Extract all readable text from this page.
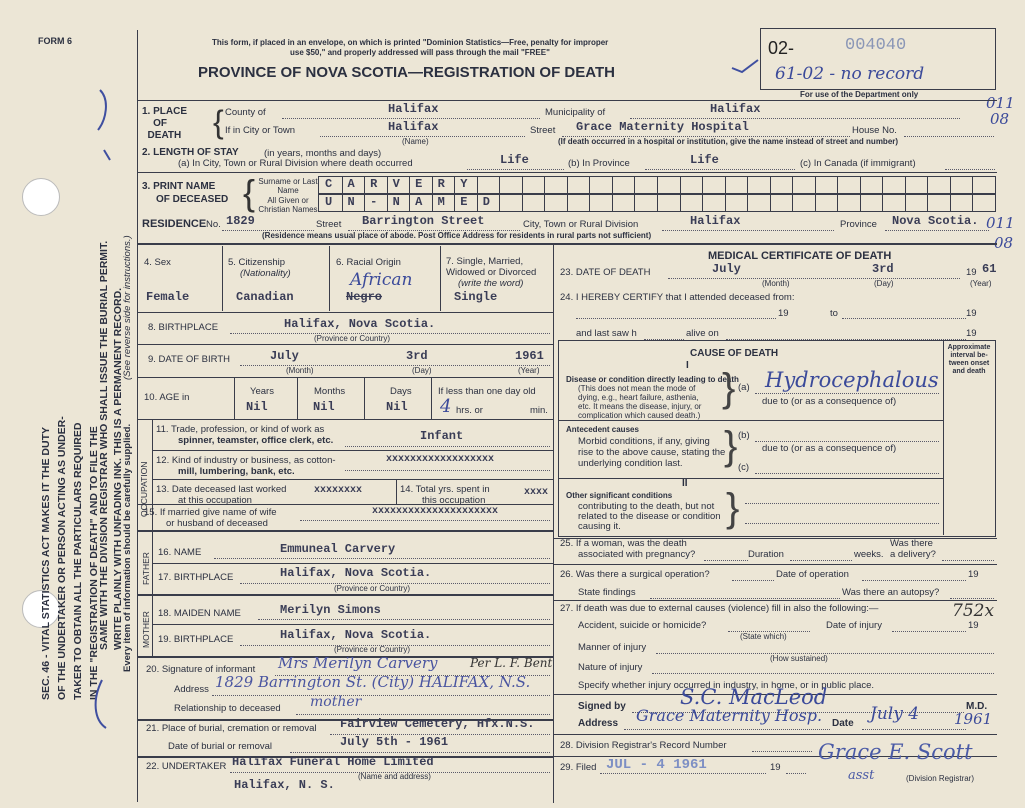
SEC. 46 - VITAL STATISTICS ACT MAKES IT THE DUTY OF THE UNDERTAKER OR PERSON ACTING AS UNDER- TAKER TO OBTAIN ALL THE PARTICULARS REQUIRED IN THE "REGISTRATION OF DEATH" AND TO FILE THE
SAME WITH THE DIVISION REGISTRAR WHO SHALL ISSUE THE BURIAL PERMIT. WRITE PLAINLY WITH UNFADING INK. THIS IS A PERMANENT RECORD.
Every item of information should be carefully supplied.
(See reverse side for instructions.)
FORM 6	This form, if placed in an envelope, on which is printed "Dominion Statistics—Free, penalty for improper
use $50," and properly addressed will pass through the mail "FREE"
PROVINCE OF NOVA SCOTIA—REGISTRATION OF DEATH
02-	004040
61-02 - no record
For use of the Department only	011
08
1. PLACE
OF
DEATH { County of	Halifax	Municipality of	Halifax
If in City or Town	Halifax
(Name)
Street Grace Maternity Hospital	House No.
(If death occurred in a hospital or institution, give the name instead of street and number)
2. LENGTH OF STAY	(in years, months and days)
(a) In City, Town or Rural Division where death occurred	Life	(b) In Province	Life	(c) In Canada (if immigrant)
3. PRINT NAME
OF DECEASED { Surname or Last Name
All Given or Christian Names
C A R V E R Y
U N - N A M E D
RESIDENCE No. 1829	Street Barrington Street	City, Town or Rural Division	Halifax	Province Nova Scotia.
(Residence means usual place of abode. Post Office Address for residents in rural parts not sufficient)
011
08
4. Sex
Female
5. Citizenship
(Nationality)
Canadian
6. Racial Origin
African
Negro
7. Single, Married,
Widowed or Divorced
(write the word)
Single
8. BIRTHPLACE	Halifax, Nova Scotia.
(Province or Country)
9. DATE OF BIRTH	July	3rd	1961
(Month)	(Day)	(Year)
10. AGE in
Years	Months	Days
Nil	Nil	Nil
If less than one day old
4 hrs. or	min.
OCCUPATION
11. Trade, profession, or kind of work as
spinner, teamster, office clerk, etc.	Infant
12. Kind of industry or business, as cotton-
mill, lumbering, bank, etc.
xxxxxxxxxxxxxxxxxx
13. Date deceased last worked
at this occupation
xxxxxxxx	14. Total yrs. spent in
this occupation
xxxx
15. If married give name of wife
or husband of deceased
xxxxxxxxxxxxxxxxxxxxx
FATHER 16. NAME	Emmuneal Carvery
17. BIRTHPLACE	Halifax, Nova Scotia.
(Province or Country)
MOTHER 18. MAIDEN NAME	Merilyn Simons
19. BIRTHPLACE	Halifax, Nova Scotia.
(Province or Country)
20. Signature of informant Mrs Merilyn Carvery	Per L. F. Bent
Address 1829 Barrington St. (City) HALIFAX, N.S.
Relationship to deceased mother
21. Place of burial, cremation or removal Fairview Cemetery, Hfx.N.S.
Date of burial or removal	July 5th - 1961
22. UNDERTAKER Halifax Funeral Home Limited
(Name and address)
Halifax, N. S.
MEDICAL CERTIFICATE OF DEATH
23. DATE OF DEATH	July	3rd	19 61
(Month)	(Day)	(Year)
24. I HEREBY CERTIFY that I attended deceased from:
19	to	19
and last saw h	alive on	19
CAUSE OF DEATH
Approximate interval be-tween onset and death
I
Disease or condition directly leading to death
(This does not mean the mode of
dying, e.g., heart failure, asthenia,
etc. It means the disease, injury, or
complication which caused death.)
} (a) Hydrocephalous
due to (or as a consequence of)
Antecedent causes
Morbid conditions, if any, giving
rise to the above cause, stating the
underlying condition last. } (b)
due to (or as a consequence of)
(c)
II
Other significant conditions
contributing to the death, but not
related to the disease or condition
causing it.	}
25. If a woman, was the death
associated with pregnancy?	Duration	weeks.
Was there
a delivery?
26. Was there a surgical operation?	Date of operation	19
State findings	Was there an autopsy?
27. If death was due to external causes (violence) fill in also the following:—	752x
Accident, suicide or homicide?
(State which)
Date of injury	19
Manner of injury
(How sustained)
Nature of injury
Specify whether injury occurred in industry, in home, or in public place.
Signed by	S.C. MacLeod	M.D.
Address Grace Maternity Hosp. Date July 4 1961
28. Division Registrar's Record Number
29. Filed JUL - 4 1961	19
Grace E. Scott
asst	(Division Registrar)
